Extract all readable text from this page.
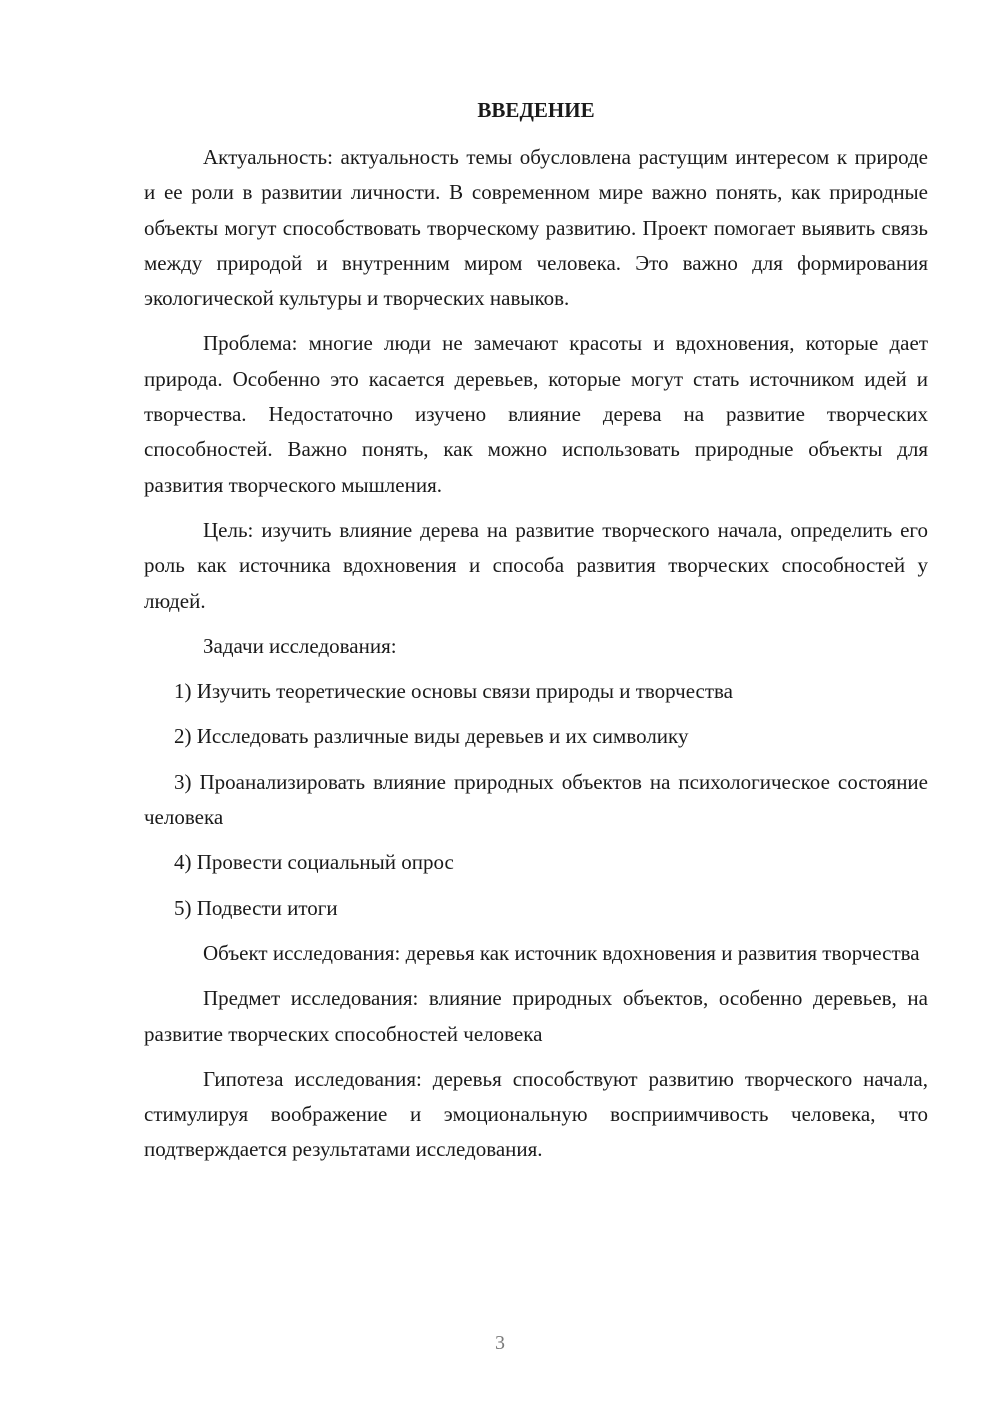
ВВЕДЕНИЕ
Актуальность: актуальность темы обусловлена растущим интересом к природе и ее роли в развитии личности. В современном мире важно понять, как природные объекты могут способствовать творческому развитию. Проект помогает выявить связь между природой и внутренним миром человека. Это важно для формирования экологической культуры и творческих навыков.
Проблема: многие люди не замечают красоты и вдохновения, которые дает природа. Особенно это касается деревьев, которые могут стать источником идей и творчества. Недостаточно изучено влияние дерева на развитие творческих способностей. Важно понять, как можно использовать природные объекты для развития творческого мышления.
Цель: изучить влияние дерева на развитие творческого начала, определить его роль как источника вдохновения и способа развития творческих способностей у людей.
Задачи исследования:
1) Изучить теоретические основы связи природы и творчества
2) Исследовать различные виды деревьев и их символику
3) Проанализировать влияние природных объектов на психологическое состояние человека
4) Провести социальный опрос
5) Подвести итоги
Объект исследования: деревья как источник вдохновения и развития творчества
Предмет исследования: влияние природных объектов, особенно деревьев, на развитие творческих способностей человека
Гипотеза исследования: деревья способствуют развитию творческого начала, стимулируя воображение и эмоциональную восприимчивость человека, что подтверждается результатами исследования.
3
